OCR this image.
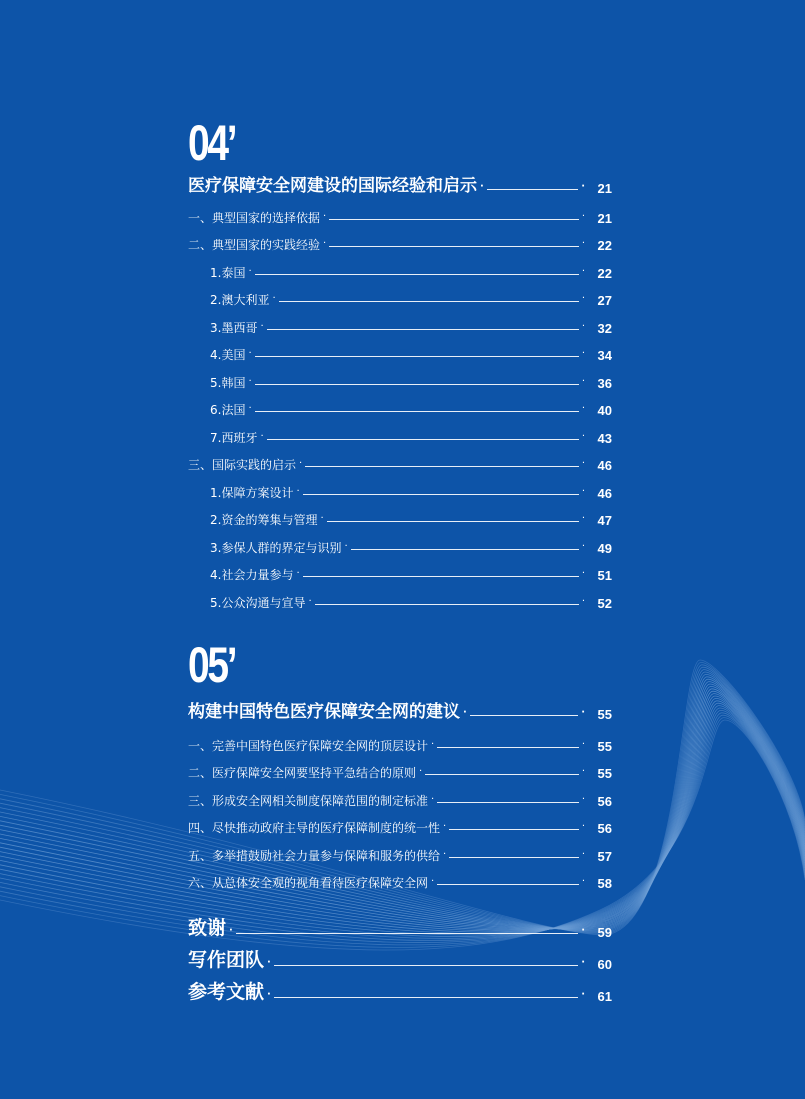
04’
医疗保障安全网建设的国际经验和启示 ·	· 21
一、典型国家的选择依据 ·	· 21
二、典型国家的实践经验 ·	· 22
1.泰国 ·	· 22
2.澳大利亚 ·	· 27
3.墨西哥 ·	· 32
4.美国 ·	· 34
5.韩国 ·	· 36
6.法国 ·	· 40
7.西班牙 ·	· 43
三、国际实践的启示 ·	· 46
1.保障方案设计 ·	· 46
2.资金的筹集与管理 ·	· 47
3.参保人群的界定与识别 ·	· 49
4.社会力量参与 ·	· 51
5.公众沟通与宣导 ·	· 52
05’
构建中国特色医疗保障安全网的建议 ·	· 55
一、完善中国特色医疗保障安全网的顶层设计 ·	· 55
二、医疗保障安全网要坚持平急结合的原则 ·	· 55
三、形成安全网相关制度保障范围的制定标准 ·	· 56
四、尽快推动政府主导的医疗保障制度的统一性 ·	· 56
五、多举措鼓励社会力量参与保障和服务的供给 ·	· 57
六、从总体安全观的视角看待医疗保障安全网 ·	· 58
致谢 ·	· 59
写作团队 ·	· 60
参考文献 ·	· 61
